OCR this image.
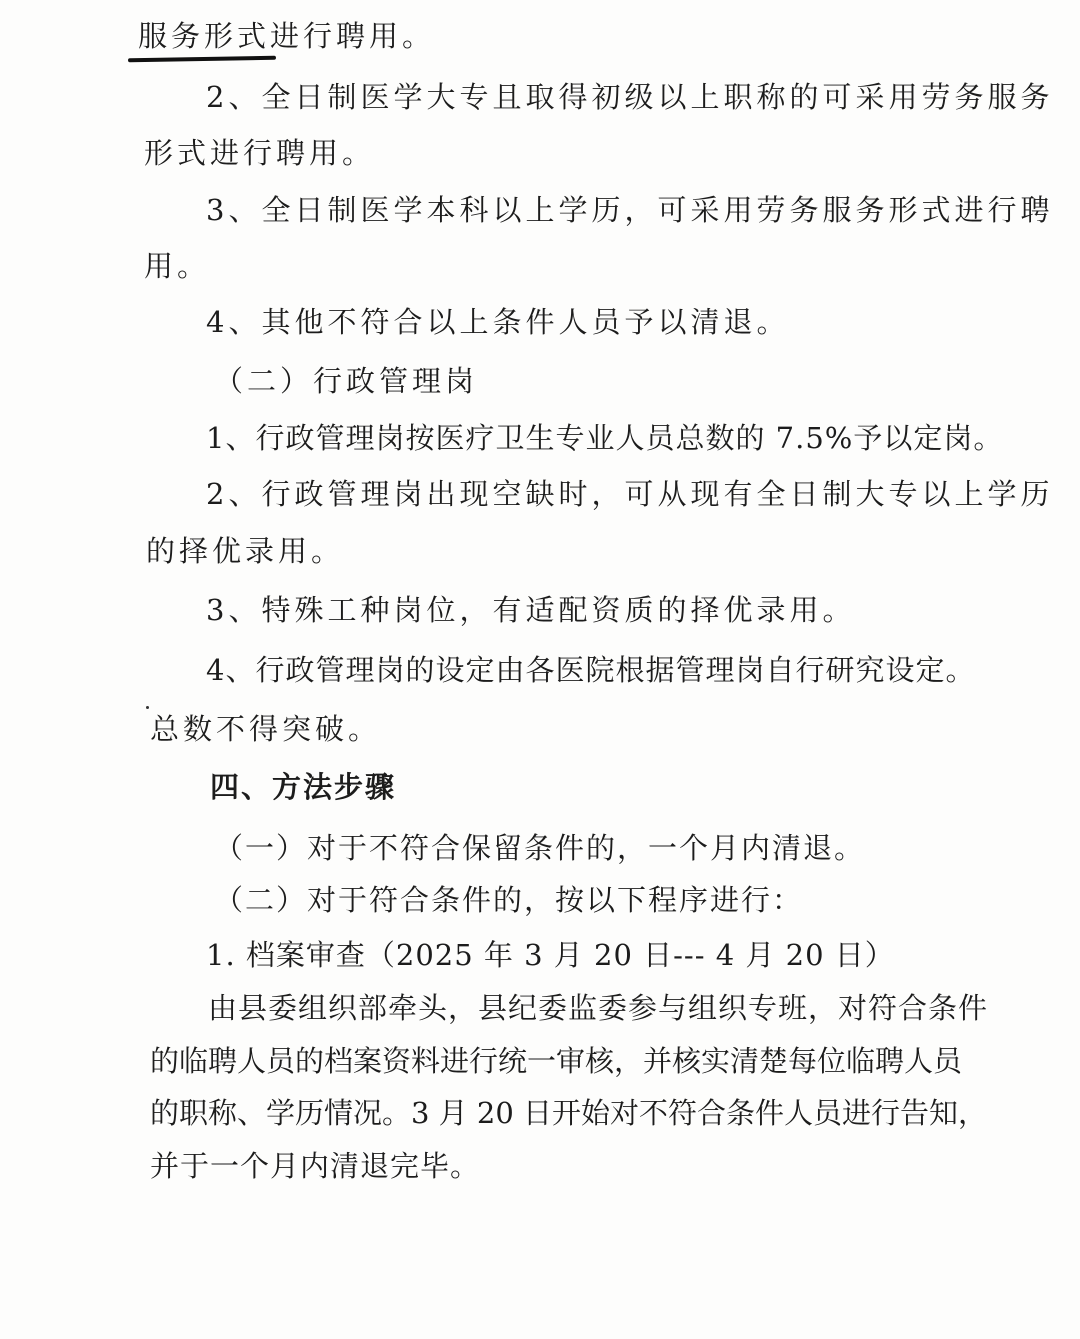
服务形式进行聘用。
2、全日制医学大专且取得初级以上职称的可采用劳务服务
形式进行聘用。
3、全日制医学本科以上学历，可采用劳务服务形式进行聘
用。
4、其他不符合以上条件人员予以清退。
（二）行政管理岗
1、行政管理岗按医疗卫生专业人员总数的 7.5%予以定岗。
2、行政管理岗出现空缺时，可从现有全日制大专以上学历
的择优录用。
3、特殊工种岗位，有适配资质的择优录用。
4、行政管理岗的设定由各医院根据管理岗自行研究设定。
总数不得突破。
四、方法步骤
（一）对于不符合保留条件的，一个月内清退。
（二）对于符合条件的，按以下程序进行：
1. 档案审查（2025 年 3 月 20 日--- 4 月 20 日）
由县委组织部牵头，县纪委监委参与组织专班，对符合条件
的临聘人员的档案资料进行统一审核，并核实清楚每位临聘人员
的职称、学历情况。3 月 20 日开始对不符合条件人员进行告知，
并于一个月内清退完毕。
